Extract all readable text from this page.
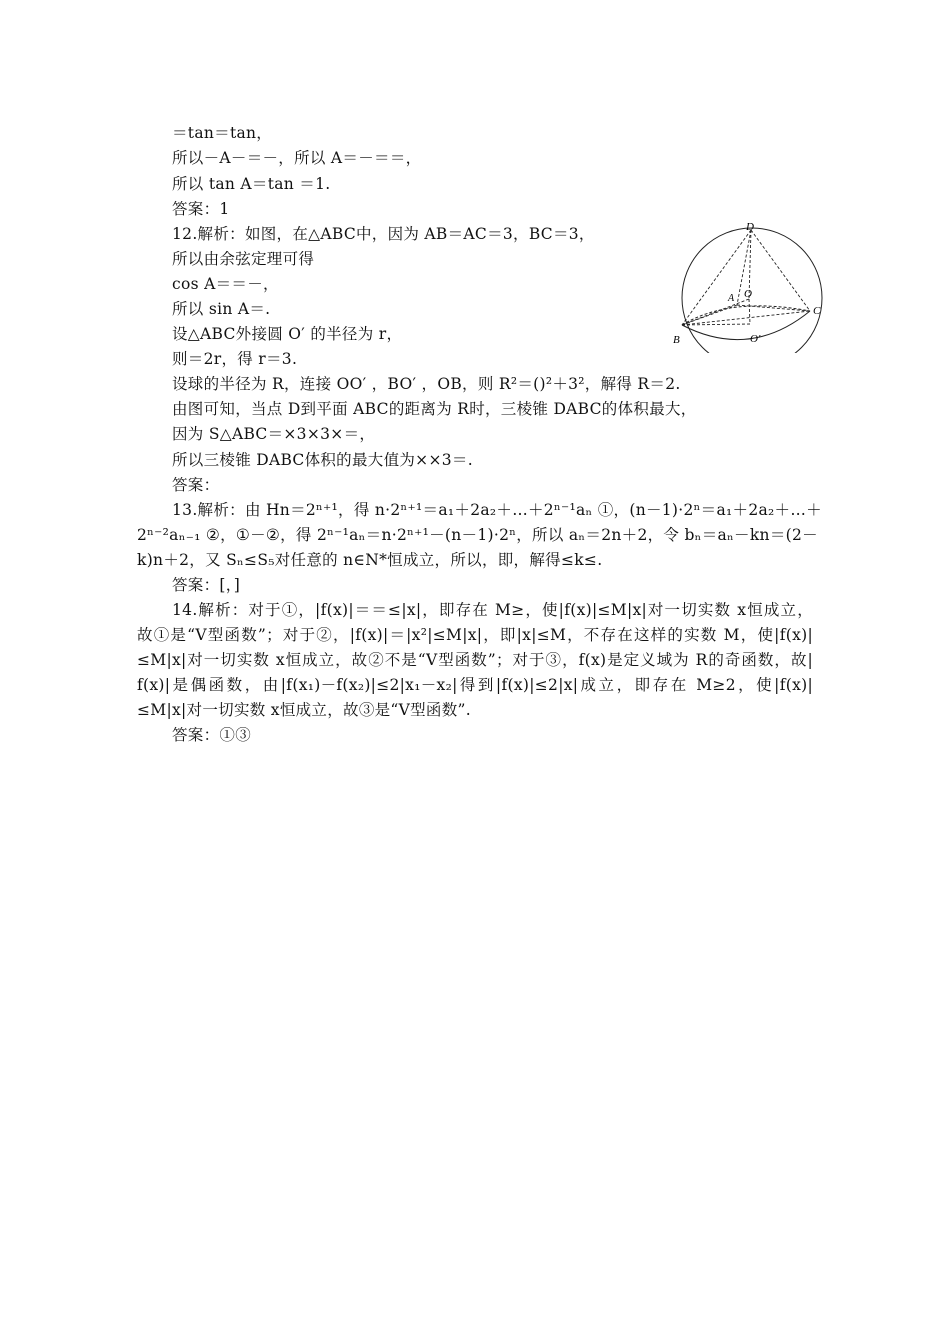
＝tan＝tan，
所以－A－＝－，所以 A＝－＝＝，
所以 tan A＝tan ＝1.
答案：1
12.解析：如图，在△ABC中，因为 AB＝AC＝3，BC＝3，
所以由余弦定理可得
cos A＝＝－，
所以 sin A＝.
设△ABC外接圆 O′ 的半径为 r，
则＝2r，得 r＝3.
设球的半径为 R，连接 OO′ ，BO′ ，OB，则 R²＝()²＋3²，解得 R＝2.
由图可知，当点 D到平面 ABC的距离为 R时，三棱锥 DABC的体积最大，
因为 S△ABC＝×3×3×＝，
所以三棱锥 DABC体积的最大值为××3＝.
答案：
13.解析：由 Hn＝2ⁿ⁺¹，得 n·2ⁿ⁺¹＝a₁＋2a₂＋…＋2ⁿ⁻¹aₙ ①，(n－1)·2ⁿ＝a₁＋2a₂＋…＋
2ⁿ⁻²aₙ₋₁ ②，①－②，得 2ⁿ⁻¹aₙ＝n·2ⁿ⁺¹－(n－1)·2ⁿ，所以 aₙ＝2n＋2，令 bₙ＝aₙ－kn＝(2－
k)n＋2，又 Sₙ≤S₅对任意的 n∈N*恒成立，所以，即，解得≤k≤.
答案：[，]
14.解析：对于①，|f(x)|＝＝≤|x|，即存在 M≥，使|f(x)|≤M|x|对一切实数 x恒成立，
故①是“V型函数”；对于②，|f(x)|＝|x²|≤M|x|，即|x|≤M，不存在这样的实数 M，使|f(x)|
≤M|x|对一切实数 x恒成立，故②不是“V型函数”；对于③，f(x)是定义域为 R的奇函数，故|
f(x)|是偶函数，由|f(x₁)－f(x₂)|≤2|x₁－x₂|得到|f(x)|≤2|x|成立，即存在 M≥2，使|f(x)|
≤M|x|对一切实数 x恒成立，故③是“V型函数”.
答案：①③
D
O
A
C
B	O′
